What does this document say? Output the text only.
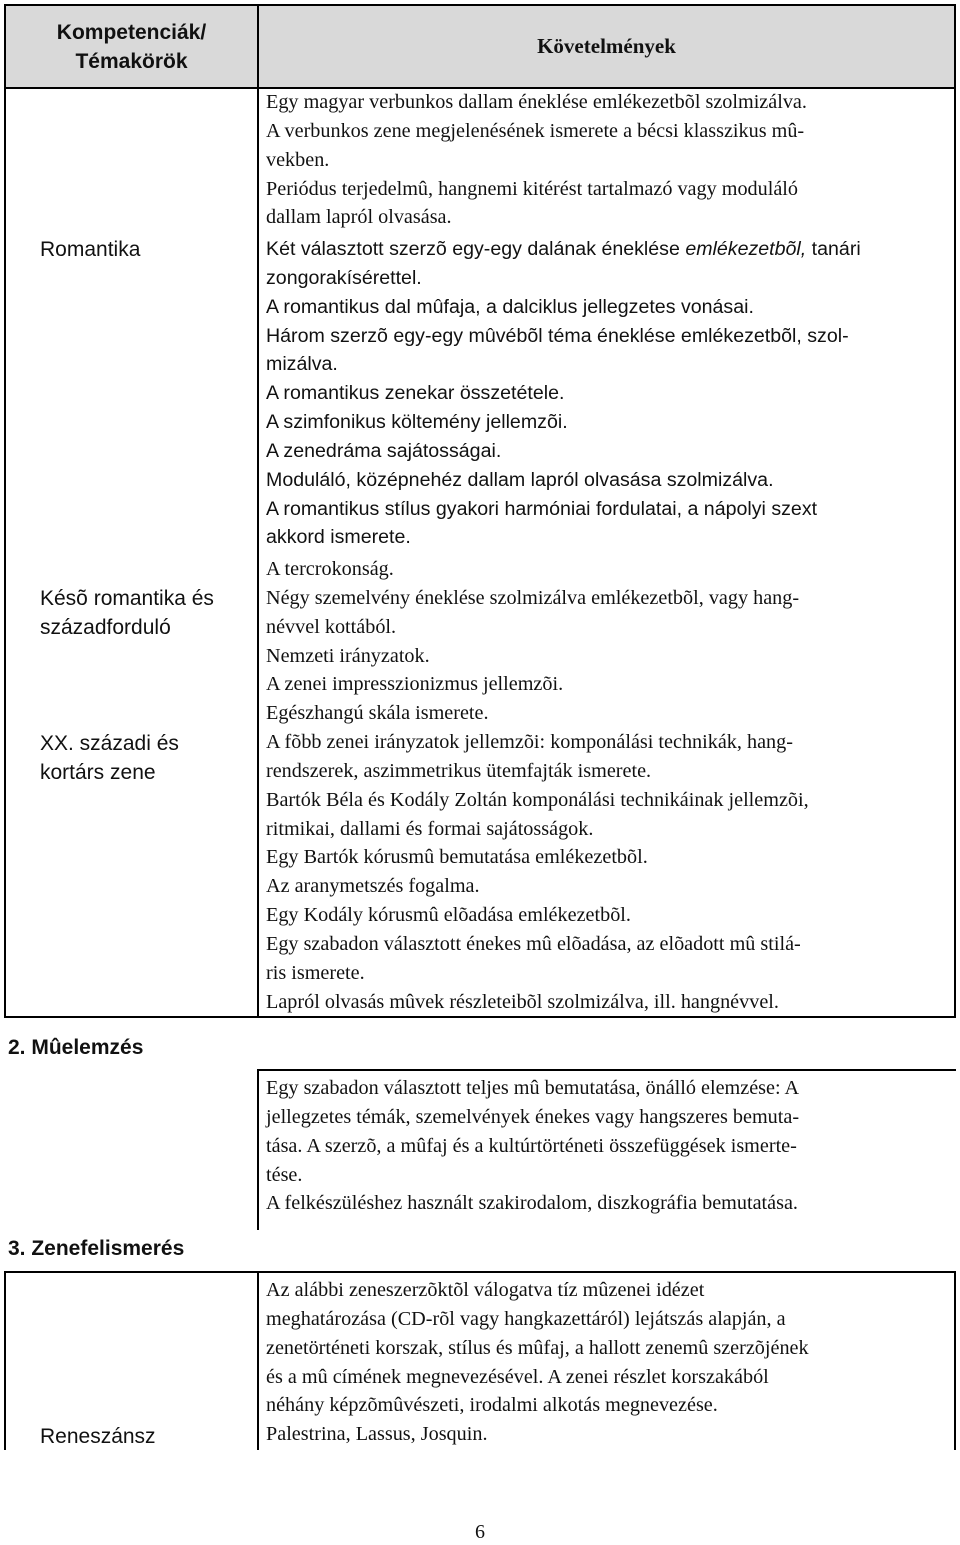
Kompetenciák/
Témakörök
Követelmények
Romantika
Késõ romantika és
századforduló
XX. századi és
kortárs zene
Reneszánsz
2. Mûelemzés
3. Zenefelismerés

Egy magyar verbunkos dallam éneklése emlékezetbõl szolmizálva.

A verbunkos zene megjelenésének ismerete a bécsi klasszikus mû-
vekben.

Periódus terjedelmû, hangnemi kitérést tartalmazó vagy moduláló
dallam lapról olvasása.

Két választott szerzõ egy-egy dalának éneklése emlékezetbõl, tanári
zongorakísérettel.

A romantikus dal mûfaja, a dalciklus jellegzetes vonásai.

Három szerzõ egy-egy mûvébõl téma éneklése emlékezetbõl, szol-
mizálva.

A romantikus zenekar összetétele.

A szimfonikus költemény jellemzõi.

A zenedráma sajátosságai.

Moduláló, középnehéz dallam lapról olvasása szolmizálva.

A romantikus stílus gyakori harmóniai fordulatai, a nápolyi szext
akkord ismerete.

A tercrokonság.

Négy szemelvény éneklése szolmizálva emlékezetbõl, vagy hang-
névvel kottából.

Nemzeti irányzatok.

A zenei impresszionizmus jellemzõi.

Egészhangú skála ismerete.

A fõbb zenei irányzatok jellemzõi: komponálási technikák, hang-
rendszerek, aszimmetrikus ütemfajták ismerete.

Bartók Béla és Kodály Zoltán komponálási technikáinak jellemzõi,
ritmikai, dallami és formai sajátosságok.

Egy Bartók kórusmû bemutatása emlékezetbõl.

Az aranymetszés fogalma.

Egy Kodály kórusmû elõadása emlékezetbõl.

Egy szabadon választott énekes mû elõadása, az elõadott mû stilá-
ris ismerete.

Lapról olvasás mûvek részleteibõl szolmizálva, ill. hangnévvel.

Egy szabadon választott teljes mû bemutatása, önálló elemzése: A
jellegzetes témák, szemelvények énekes vagy hangszeres bemuta-
tása. A szerzõ, a mûfaj és a kultúrtörténeti összefüggések ismerte-
tése.

A felkészüléshez használt szakirodalom, diszkográfia bemutatása.

Az alábbi zeneszerzõktõl válogatva tíz mûzenei idézet
meghatározása (CD-rõl vagy hangkazettáról) lejátszás alapján, a
zenetörténeti korszak, stílus és mûfaj, a hallott zenemû szerzõjének
és a mû címének megnevezésével. A zenei részlet korszakából
néhány képzõmûvészeti, irodalmi alkotás megnevezése.

Palestrina, Lassus, Josquin.

6
